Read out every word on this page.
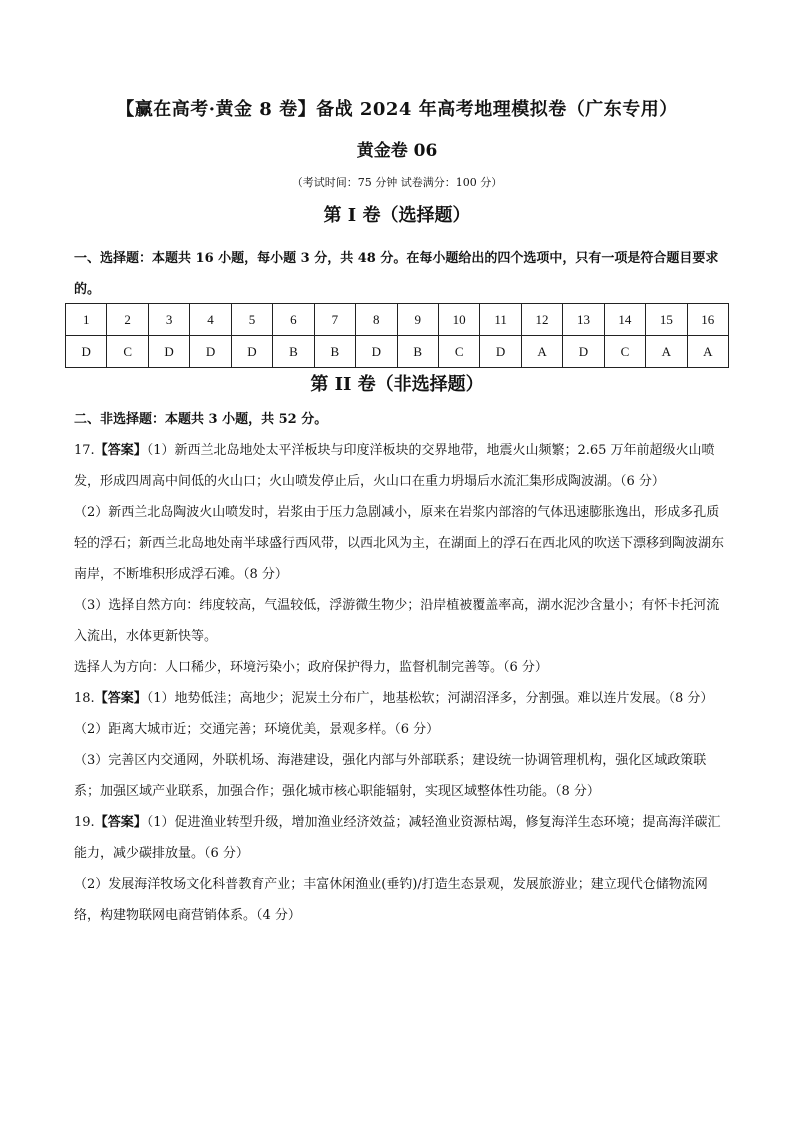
【赢在高考·黄金 8 卷】备战 2024 年高考地理模拟卷（广东专用）
黄金卷 06
（考试时间：75 分钟 试卷满分：100 分）
第 I 卷（选择题）
一、选择题：本题共 16 小题，每小题 3 分，共 48 分。在每小题给出的四个选项中，只有一项是符合题目要求的。
1	2	3	4	5	6	7	8	9	10	11	12	13	14	15	16
D	C	D	D	D	B	B	D	B	C	D	A	D	C	A	A
第 II 卷（非选择题）

二、非选择题：本题共 3 小题，共 52 分。

17.【答案】（1）新西兰北岛地处太平洋板块与印度洋板块的交界地带，地震火山频繁；2.65 万年前超级火山喷发，形成四周高中间低的火山口；火山喷发停止后，火山口在重力坍塌后水流汇集形成陶波湖。（6 分）

（2）新西兰北岛陶波火山喷发时，岩浆由于压力急剧减小，原来在岩浆内部溶的气体迅速膨胀逸出，形成多孔质轻的浮石；新西兰北岛地处南半球盛行西风带，以西北风为主，在湖面上的浮石在西北风的吹送下漂移到陶波湖东南岸，不断堆积形成浮石滩。（8 分）

（3）选择自然方向：纬度较高，气温较低，浮游微生物少；沿岸植被覆盖率高，湖水泥沙含量小；有怀卡托河流入流出，水体更新快等。

选择人为方向：人口稀少，环境污染小；政府保护得力，监督机制完善等。（6 分）

18.【答案】（1）地势低洼；高地少；泥炭土分布广，地基松软；河湖沼泽多，分割强。难以连片发展。（8 分）

（2）距离大城市近；交通完善；环境优美，景观多样。（6 分）

（3）完善区内交通网，外联机场、海港建设，强化内部与外部联系；建设统一协调管理机构，强化区域政策联系；加强区域产业联系，加强合作；强化城市核心职能辐射，实现区域整体性功能。（8 分）

19.【答案】（1）促进渔业转型升级，增加渔业经济效益；减轻渔业资源枯竭，修复海洋生态环境；提高海洋碳汇能力，减少碳排放量。（6 分）

（2）发展海洋牧场文化科普教育产业；丰富休闲渔业(垂钓)/打造生态景观，发展旅游业；建立现代仓储物流网络，构建物联网电商营销体系。（4 分）
